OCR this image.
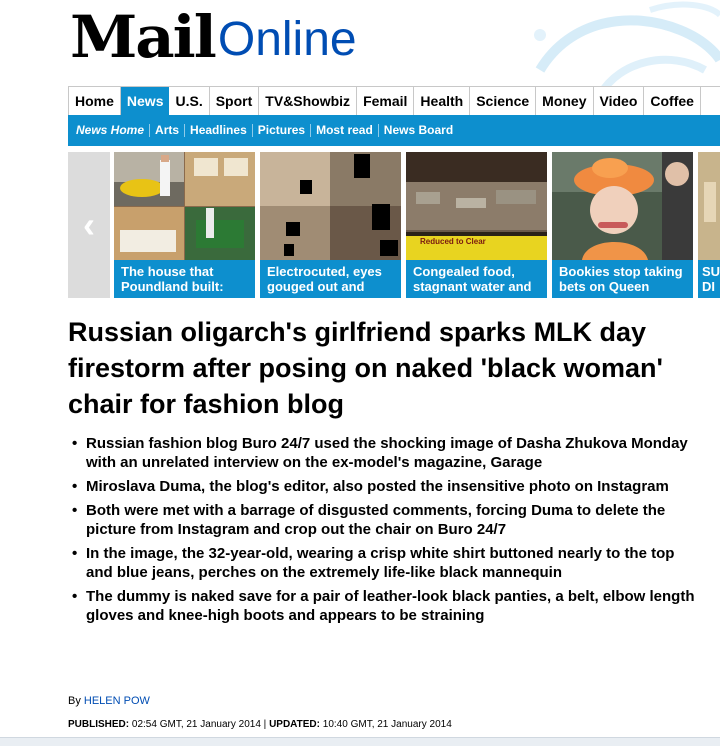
Mail Online
Home News U.S. Sport TV&Showbiz Femail Health Science Money Video Coffee
News Home Arts Headlines Pictures Most read News Board
‹
The house that
Poundland built:
Electrocuted, eyes
gouged out and
Reduced to Clear
Congealed food,
stagnant water and
Bookies stop taking
bets on Queen
SU
DI
Russian oligarch's girlfriend sparks MLK day firestorm after posing on naked 'black woman' chair for fashion blog
• Russian fashion blog Buro 24/7 used the shocking image of Dasha Zhukova Monday with an unrelated interview on the ex-model's magazine, Garage
• Miroslava Duma, the blog's editor, also posted the insensitive photo on Instagram
• Both were met with a barrage of disgusted comments, forcing Duma to delete the picture from Instagram and crop out the chair on Buro 24/7
• In the image, the 32-year-old, wearing a crisp white shirt buttoned nearly to the top and blue jeans, perches on the extremely life-like black mannequin
• The dummy is naked save for a pair of leather-look black panties, a belt, elbow length gloves and knee-high boots and appears to be straining
By HELEN POW
PUBLISHED: 02:54 GMT, 21 January 2014 | UPDATED: 10:40 GMT, 21 January 2014
